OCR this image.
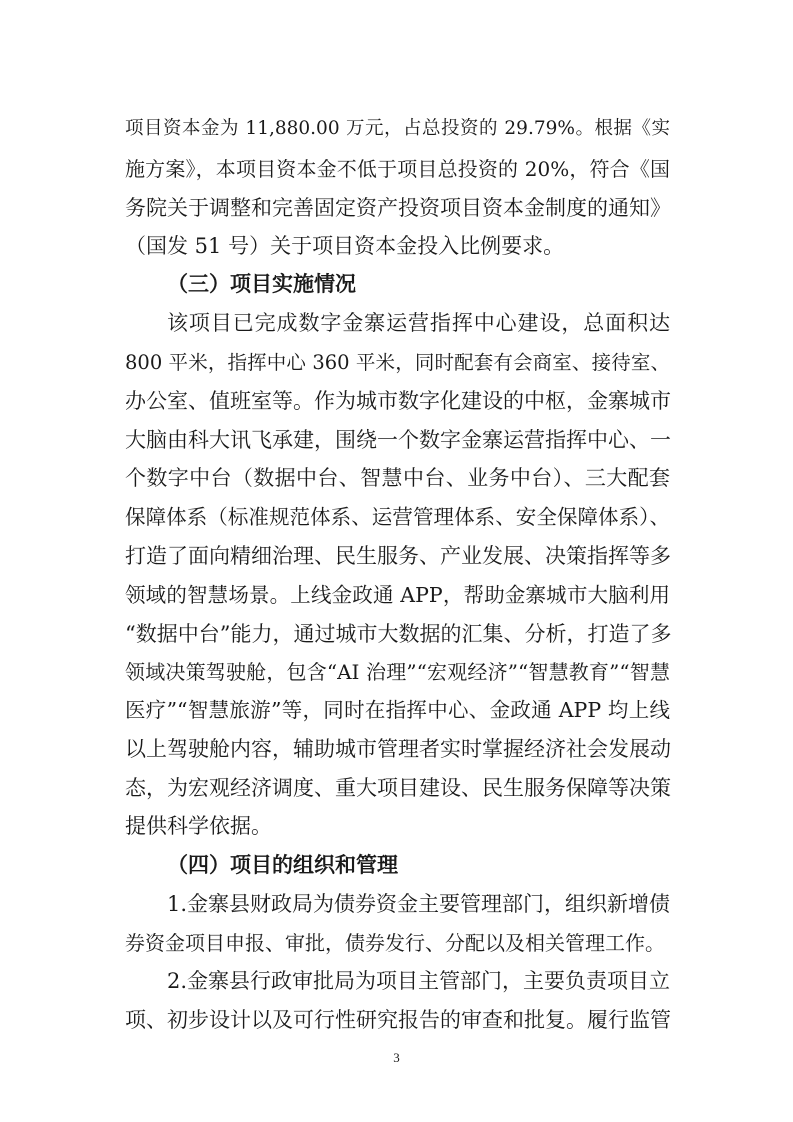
项目资本金为 11,880.00 万元，占总投资的 29.79%。根据《实
施方案》，本项目资本金不低于项目总投资的 20%，符合《国
务院关于调整和完善固定资产投资项目资本金制度的通知》
（国发 51 号）关于项目资本金投入比例要求。
（三）项目实施情况
该项目已完成数字金寨运营指挥中心建设，总面积达
800 平米，指挥中心 360 平米，同时配套有会商室、接待室、
办公室、值班室等。作为城市数字化建设的中枢，金寨城市
大脑由科大讯飞承建，围绕一个数字金寨运营指挥中心、一
个数字中台（数据中台、智慧中台、业务中台）、三大配套
保障体系（标准规范体系、运营管理体系、安全保障体系）、
打造了面向精细治理、民生服务、产业发展、决策指挥等多
领域的智慧场景。上线金政通 APP，帮助金寨城市大脑利用
“数据中台”能力，通过城市大数据的汇集、分析，打造了多
领域决策驾驶舱，包含“AI 治理”“宏观经济”“智慧教育”“智慧
医疗”“智慧旅游”等，同时在指挥中心、金政通 APP 均上线
以上驾驶舱内容，辅助城市管理者实时掌握经济社会发展动
态，为宏观经济调度、重大项目建设、民生服务保障等决策
提供科学依据。
（四）项目的组织和管理
1.金寨县财政局为债券资金主要管理部门，组织新增债
券资金项目申报、审批，债券发行、分配以及相关管理工作。
2.金寨县行政审批局为项目主管部门，主要负责项目立
项、初步设计以及可行性研究报告的审查和批复。履行监管
3
